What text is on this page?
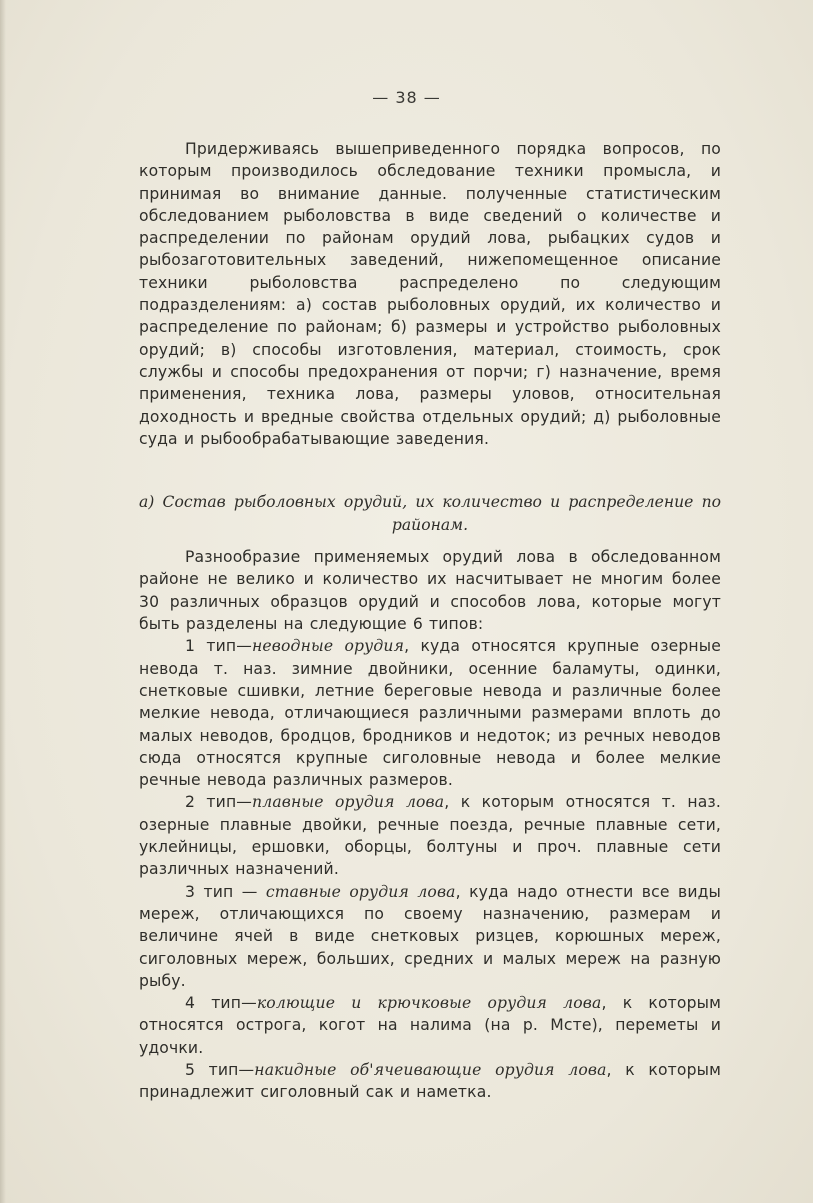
— 38 —

Придерживаясь вышеприведенного порядка вопросов, по которым производилось обследование техники промысла, и принимая во внимание данные. полученные статистическим обследованием рыболовства в виде сведений о количестве и распределении по районам орудий лова, рыбацких судов и рыбозаготовительных заведений, нижепомещенное описание техники рыболовства распределено по следующим подразделениям: а) состав рыболовных орудий, их количество и распределение по районам; б) размеры и устройство рыболовных орудий; в) способы изготовления, материал, стоимость, срок службы и способы предохранения от порчи; г) назначение, время применения, техника лова, размеры уловов, относительная доходность и вредные свойства отдельных орудий; д) рыболовные суда и рыбообрабатывающие заведения.

а) Состав рыболовных орудий, их количество и распределение по районам.

Разнообразие применяемых орудий лова в обследованном районе не велико и количество их насчитывает не многим более 30 различных образцов орудий и способов лова, которые могут быть разделены на следующие 6 типов:

1 тип—неводные орудия, куда относятся крупные озерные невода т. наз. зимние двойники, осенние баламуты, одинки, снетковые сшивки, летние береговые невода и различные более мелкие невода, отличающиеся различными размерами вплоть до малых неводов, бродцов, бродников и недоток; из речных неводов сюда относятся крупные сиголовные невода и более мелкие речные невода различных размеров.

2 тип—плавные орудия лова, к которым относятся т. наз. озерные плавные двойки, речные поезда, речные плавные сети, уклейницы, ершовки, оборцы, болтуны и проч. плавные сети различных назначений.

3 тип — ставные орудия лова, куда надо отнести все виды мереж, отличающихся по своему назначению, размерам и величине ячей в виде снетковых ризцев, корюшных мереж, сиголовных мереж, больших, средних и малых мереж на разную рыбу.

4 тип—колющие и крючковые орудия лова, к которым относятся острога, когот на налима (на р. Мсте), переметы и удочки.

5 тип—накидные об'ячеивающие орудия лова, к которым принадлежит сиголовный сак и наметка.
